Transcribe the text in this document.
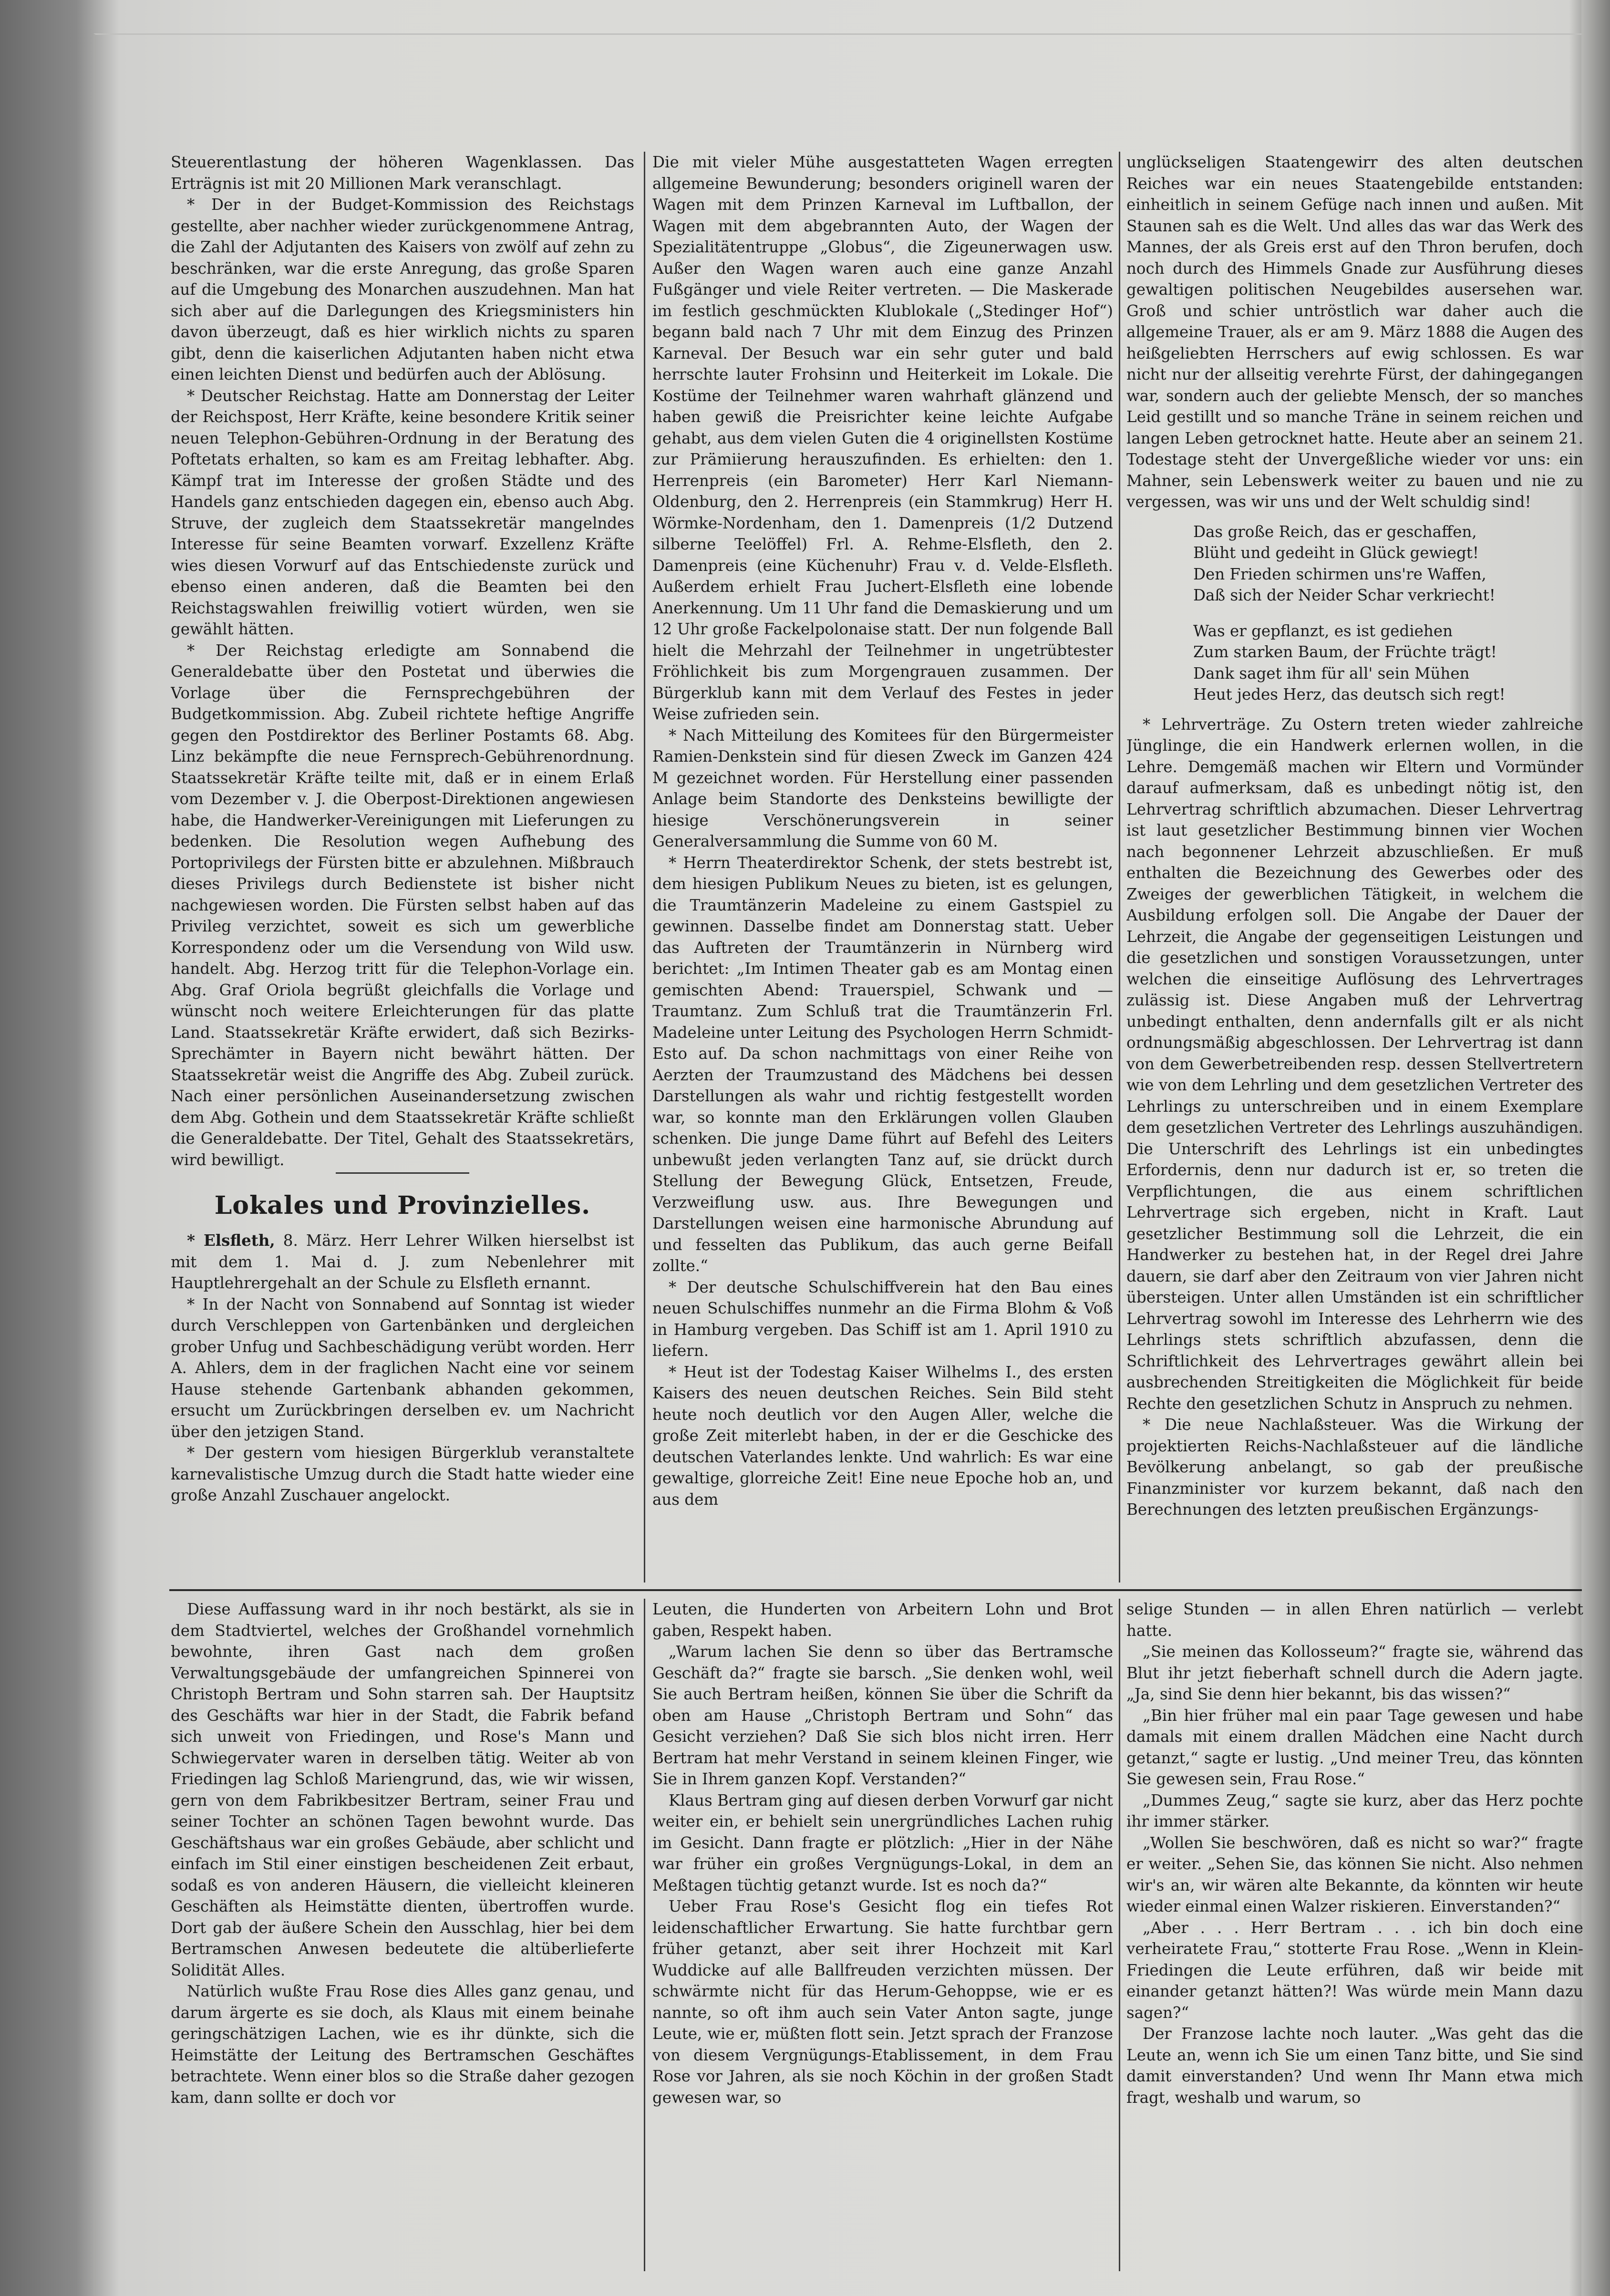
Steuerentlastung der höheren Wagenklassen. Das Erträgnis ist mit 20 Millionen Mark veranschlagt.

* Der in der Budget-Kommission des Reichstags gestellte, aber nachher wieder zurückgenommene Antrag, die Zahl der Adjutanten des Kaisers von zwölf auf zehn zu beschränken, war die erste Anregung, das große Sparen auf die Umgebung des Monarchen auszudehnen. Man hat sich aber auf die Darlegungen des Kriegsministers hin davon überzeugt, daß es hier wirklich nichts zu sparen gibt, denn die kaiserlichen Adjutanten haben nicht etwa einen leichten Dienst und bedürfen auch der Ablösung.

* Deutscher Reichstag. Hatte am Donnerstag der Leiter der Reichspost, Herr Kräfte, keine besondere Kritik seiner neuen Telephon-Gebühren-Ordnung in der Beratung des Poftetats erhalten, so kam es am Freitag lebhafter. Abg. Kämpf trat im Interesse der großen Städte und des Handels ganz entschieden dagegen ein, ebenso auch Abg. Struve, der zugleich dem Staatssekretär mangelndes Interesse für seine Beamten vorwarf. Exzellenz Kräfte wies diesen Vorwurf auf das Entschiedenste zurück und ebenso einen anderen, daß die Beamten bei den Reichstagswahlen freiwillig votiert würden, wen sie gewählt hätten.

* Der Reichstag erledigte am Sonnabend die Generaldebatte über den Postetat und überwies die Vorlage über die Fernsprechgebühren der Budgetkommission. Abg. Zubeil richtete heftige Angriffe gegen den Postdirektor des Berliner Postamts 68. Abg. Linz bekämpfte die neue Fernsprech-Gebührenordnung. Staatssekretär Kräfte teilte mit, daß er in einem Erlaß vom Dezember v. J. die Oberpost-Direktionen angewiesen habe, die Handwerker-Vereinigungen mit Lieferungen zu bedenken. Die Resolution wegen Aufhebung des Portoprivilegs der Fürsten bitte er abzulehnen. Mißbrauch dieses Privilegs durch Bedienstete ist bisher nicht nachgewiesen worden. Die Fürsten selbst haben auf das Privileg verzichtet, soweit es sich um gewerbliche Korrespondenz oder um die Versendung von Wild usw. handelt. Abg. Herzog tritt für die Telephon-Vorlage ein. Abg. Graf Oriola begrüßt gleichfalls die Vorlage und wünscht noch weitere Erleichterungen für das platte Land. Staatssekretär Kräfte erwidert, daß sich Bezirks-Sprechämter in Bayern nicht bewährt hätten. Der Staatssekretär weist die Angriffe des Abg. Zubeil zurück. Nach einer persönlichen Auseinandersetzung zwischen dem Abg. Gothein und dem Staatssekretär Kräfte schließt die Generaldebatte. Der Titel, Gehalt des Staatssekretärs, wird bewilligt.

Lokales und Provinzielles.

* Elsfleth, 8. März. Herr Lehrer Wilken hierselbst ist mit dem 1. Mai d. J. zum Nebenlehrer mit Hauptlehrergehalt an der Schule zu Elsfleth ernannt.

* In der Nacht von Sonnabend auf Sonntag ist wieder durch Verschleppen von Gartenbänken und dergleichen grober Unfug und Sachbeschädigung verübt worden. Herr A. Ahlers, dem in der fraglichen Nacht eine vor seinem Hause stehende Gartenbank abhanden gekommen, ersucht um Zurückbringen derselben ev. um Nachricht über den jetzigen Stand.

* Der gestern vom hiesigen Bürgerklub veranstaltete karnevalistische Umzug durch die Stadt hatte wieder eine große Anzahl Zuschauer angelockt.

Die mit vieler Mühe ausgestatteten Wagen erregten allgemeine Bewunderung; besonders originell waren der Wagen mit dem Prinzen Karneval im Luftballon, der Wagen mit dem abgebrannten Auto, der Wagen der Spezialitätentruppe „Globus“, die Zigeunerwagen usw. Außer den Wagen waren auch eine ganze Anzahl Fußgänger und viele Reiter vertreten. — Die Maskerade im festlich geschmückten Klublokale („Stedinger Hof“) begann bald nach 7 Uhr mit dem Einzug des Prinzen Karneval. Der Besuch war ein sehr guter und bald herrschte lauter Frohsinn und Heiterkeit im Lokale. Die Kostüme der Teilnehmer waren wahrhaft glänzend und haben gewiß die Preisrichter keine leichte Aufgabe gehabt, aus dem vielen Guten die 4 originellsten Kostüme zur Prämiierung herauszufinden. Es erhielten: den 1. Herrenpreis (ein Barometer) Herr Karl Niemann-Oldenburg, den 2. Herrenpreis (ein Stammkrug) Herr H. Wörmke-Nordenham, den 1. Damenpreis (1/2 Dutzend silberne Teelöffel) Frl. A. Rehme-Elsfleth, den 2. Damenpreis (eine Küchenuhr) Frau v. d. Velde-Elsfleth. Außerdem erhielt Frau Juchert-Elsfleth eine lobende Anerkennung. Um 11 Uhr fand die Demaskierung und um 12 Uhr große Fackelpolonaise statt. Der nun folgende Ball hielt die Mehrzahl der Teilnehmer in ungetrübtester Fröhlichkeit bis zum Morgengrauen zusammen. Der Bürgerklub kann mit dem Verlauf des Festes in jeder Weise zufrieden sein.

* Nach Mitteilung des Komitees für den Bürgermeister Ramien-Denkstein sind für diesen Zweck im Ganzen 424 M gezeichnet worden. Für Herstellung einer passenden Anlage beim Standorte des Denksteins bewilligte der hiesige Verschönerungsverein in seiner Generalversammlung die Summe von 60 M.

* Herrn Theaterdirektor Schenk, der stets bestrebt ist, dem hiesigen Publikum Neues zu bieten, ist es gelungen, die Traumtänzerin Madeleine zu einem Gastspiel zu gewinnen. Dasselbe findet am Donnerstag statt. Ueber das Auftreten der Traumtänzerin in Nürnberg wird berichtet: „Im Intimen Theater gab es am Montag einen gemischten Abend: Trauerspiel, Schwank und — Traumtanz. Zum Schluß trat die Traumtänzerin Frl. Madeleine unter Leitung des Psychologen Herrn Schmidt-Esto auf. Da schon nachmittags von einer Reihe von Aerzten der Traumzustand des Mädchens bei dessen Darstellungen als wahr und richtig festgestellt worden war, so konnte man den Erklärungen vollen Glauben schenken. Die junge Dame führt auf Befehl des Leiters unbewußt jeden verlangten Tanz auf, sie drückt durch Stellung der Bewegung Glück, Entsetzen, Freude, Verzweiflung usw. aus. Ihre Bewegungen und Darstellungen weisen eine harmonische Abrundung auf und fesselten das Publikum, das auch gerne Beifall zollte.“

* Der deutsche Schulschiffverein hat den Bau eines neuen Schulschiffes nunmehr an die Firma Blohm & Voß in Hamburg vergeben. Das Schiff ist am 1. April 1910 zu liefern.

* Heut ist der Todestag Kaiser Wilhelms I., des ersten Kaisers des neuen deutschen Reiches. Sein Bild steht heute noch deutlich vor den Augen Aller, welche die große Zeit miterlebt haben, in der er die Geschicke des deutschen Vaterlandes lenkte. Und wahrlich: Es war eine gewaltige, glorreiche Zeit! Eine neue Epoche hob an, und aus dem

unglückseligen Staatengewirr des alten deutschen Reiches war ein neues Staatengebilde entstanden: einheitlich in seinem Gefüge nach innen und außen. Mit Staunen sah es die Welt. Und alles das war das Werk des Mannes, der als Greis erst auf den Thron berufen, doch noch durch des Himmels Gnade zur Ausführung dieses gewaltigen politischen Neugebildes ausersehen war. Groß und schier untröstlich war daher auch die allgemeine Trauer, als er am 9. März 1888 die Augen des heißgeliebten Herrschers auf ewig schlossen. Es war nicht nur der allseitig verehrte Fürst, der dahingegangen war, sondern auch der geliebte Mensch, der so manches Leid gestillt und so manche Träne in seinem reichen und langen Leben getrocknet hatte. Heute aber an seinem 21. Todestage steht der Unvergeßliche wieder vor uns: ein Mahner, sein Lebenswerk weiter zu bauen und nie zu vergessen, was wir uns und der Welt schuldig sind!

Das große Reich, das er geschaffen,
Blüht und gedeiht in Glück gewiegt!
Den Frieden schirmen uns're Waffen,
Daß sich der Neider Schar verkriecht!
Was er gepflanzt, es ist gediehen
Zum starken Baum, der Früchte trägt!
Dank saget ihm für all' sein Mühen
Heut jedes Herz, das deutsch sich regt!

* Lehrverträge. Zu Ostern treten wieder zahlreiche Jünglinge, die ein Handwerk erlernen wollen, in die Lehre. Demgemäß machen wir Eltern und Vormünder darauf aufmerksam, daß es unbedingt nötig ist, den Lehrvertrag schriftlich abzumachen. Dieser Lehrvertrag ist laut gesetzlicher Bestimmung binnen vier Wochen nach begonnener Lehrzeit abzuschließen. Er muß enthalten die Bezeichnung des Gewerbes oder des Zweiges der gewerblichen Tätigkeit, in welchem die Ausbildung erfolgen soll. Die Angabe der Dauer der Lehrzeit, die Angabe der gegenseitigen Leistungen und die gesetzlichen und sonstigen Voraussetzungen, unter welchen die einseitige Auflösung des Lehrvertrages zulässig ist. Diese Angaben muß der Lehrvertrag unbedingt enthalten, denn andernfalls gilt er als nicht ordnungsmäßig abgeschlossen. Der Lehrvertrag ist dann von dem Gewerbetreibenden resp. dessen Stellvertretern wie von dem Lehrling und dem gesetzlichen Vertreter des Lehrlings zu unterschreiben und in einem Exemplare dem gesetzlichen Vertreter des Lehrlings auszuhändigen. Die Unterschrift des Lehrlings ist ein unbedingtes Erfordernis, denn nur dadurch ist er, so treten die Verpflichtungen, die aus einem schriftlichen Lehrvertrage sich ergeben, nicht in Kraft. Laut gesetzlicher Bestimmung soll die Lehrzeit, die ein Handwerker zu bestehen hat, in der Regel drei Jahre dauern, sie darf aber den Zeitraum von vier Jahren nicht übersteigen. Unter allen Umständen ist ein schriftlicher Lehrvertrag sowohl im Interesse des Lehrherrn wie des Lehrlings stets schriftlich abzufassen, denn die Schriftlichkeit des Lehrvertrages gewährt allein bei ausbrechenden Streitigkeiten die Möglichkeit für beide Rechte den gesetzlichen Schutz in Anspruch zu nehmen.

* Die neue Nachlaßsteuer. Was die Wirkung der projektierten Reichs-Nachlaßsteuer auf die ländliche Bevölkerung anbelangt, so gab der preußische Finanzminister vor kurzem bekannt, daß nach den Berechnungen des letzten preußischen Ergänzungs-

Diese Auffassung ward in ihr noch bestärkt, als sie in dem Stadtviertel, welches der Großhandel vornehmlich bewohnte, ihren Gast nach dem großen Verwaltungsgebäude der umfangreichen Spinnerei von Christoph Bertram und Sohn starren sah. Der Hauptsitz des Geschäfts war hier in der Stadt, die Fabrik befand sich unweit von Friedingen, und Rose's Mann und Schwiegervater waren in derselben tätig. Weiter ab von Friedingen lag Schloß Mariengrund, das, wie wir wissen, gern von dem Fabrikbesitzer Bertram, seiner Frau und seiner Tochter an schönen Tagen bewohnt wurde. Das Geschäftshaus war ein großes Gebäude, aber schlicht und einfach im Stil einer einstigen bescheidenen Zeit erbaut, sodaß es von anderen Häusern, die vielleicht kleineren Geschäften als Heimstätte dienten, übertroffen wurde. Dort gab der äußere Schein den Ausschlag, hier bei dem Bertramschen Anwesen bedeutete die altüberlieferte Solidität Alles.

Natürlich wußte Frau Rose dies Alles ganz genau, und darum ärgerte es sie doch, als Klaus mit einem beinahe geringschätzigen Lachen, wie es ihr dünkte, sich die Heimstätte der Leitung des Bertramschen Geschäftes betrachtete. Wenn einer blos so die Straße daher gezogen kam, dann sollte er doch vor

Leuten, die Hunderten von Arbeitern Lohn und Brot gaben, Respekt haben.

„Warum lachen Sie denn so über das Bertramsche Geschäft da?“ fragte sie barsch. „Sie denken wohl, weil Sie auch Bertram heißen, können Sie über die Schrift da oben am Hause „Christoph Bertram und Sohn“ das Gesicht verziehen? Daß Sie sich blos nicht irren. Herr Bertram hat mehr Verstand in seinem kleinen Finger, wie Sie in Ihrem ganzen Kopf. Verstanden?“

Klaus Bertram ging auf diesen derben Vorwurf gar nicht weiter ein, er behielt sein unergründliches Lachen ruhig im Gesicht. Dann fragte er plötzlich: „Hier in der Nähe war früher ein großes Vergnügungs-Lokal, in dem an Meßtagen tüchtig getanzt wurde. Ist es noch da?“

Ueber Frau Rose's Gesicht flog ein tiefes Rot leidenschaftlicher Erwartung. Sie hatte furchtbar gern früher getanzt, aber seit ihrer Hochzeit mit Karl Wuddicke auf alle Ballfreuden verzichten müssen. Der schwärmte nicht für das Herum-Gehoppse, wie er es nannte, so oft ihm auch sein Vater Anton sagte, junge Leute, wie er, müßten flott sein. Jetzt sprach der Franzose von diesem Vergnügungs-Etablissement, in dem Frau Rose vor Jahren, als sie noch Köchin in der großen Stadt gewesen war, so

selige Stunden — in allen Ehren natürlich — verlebt hatte.

„Sie meinen das Kollosseum?“ fragte sie, während das Blut ihr jetzt fieberhaft schnell durch die Adern jagte. „Ja, sind Sie denn hier bekannt, bis das wissen?“

„Bin hier früher mal ein paar Tage gewesen und habe damals mit einem drallen Mädchen eine Nacht durch getanzt,“ sagte er lustig. „Und meiner Treu, das könnten Sie gewesen sein, Frau Rose.“

„Dummes Zeug,“ sagte sie kurz, aber das Herz pochte ihr immer stärker.

„Wollen Sie beschwören, daß es nicht so war?“ fragte er weiter. „Sehen Sie, das können Sie nicht. Also nehmen wir's an, wir wären alte Bekannte, da könnten wir heute wieder einmal einen Walzer riskieren. Einverstanden?“

„Aber . . . Herr Bertram . . . ich bin doch eine verheiratete Frau,“ stotterte Frau Rose. „Wenn in Klein-Friedingen die Leute erführen, daß wir beide mit einander getanzt hätten?! Was würde mein Mann dazu sagen?“

Der Franzose lachte noch lauter. „Was geht das die Leute an, wenn ich Sie um einen Tanz bitte, und Sie sind damit einverstanden? Und wenn Ihr Mann etwa mich fragt, weshalb und warum, so
